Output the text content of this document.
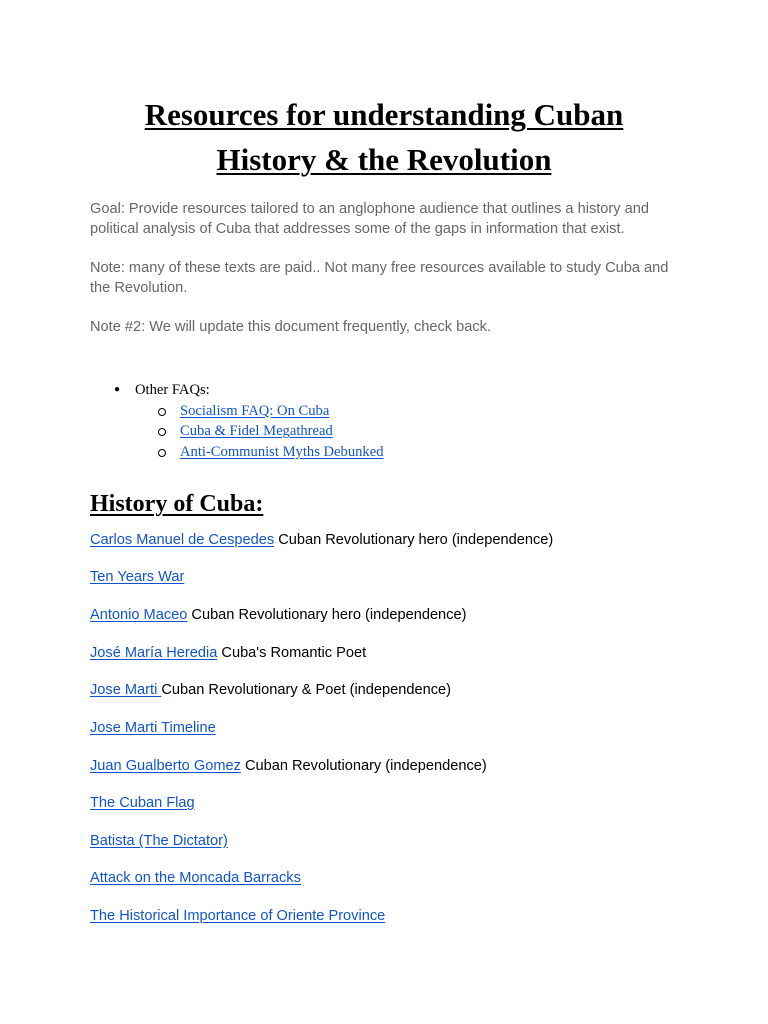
Resources for understanding Cuban
History & the Revolution

Goal: Provide resources tailored to an anglophone audience that outlines a history and political analysis of Cuba that addresses some of the gaps in information that exist.

Note: many of these texts are paid.. Not many free resources available to study Cuba and the Revolution.

Note #2: We will update this document frequently, check back.

● Other FAQs:
Socialism FAQ: On Cuba
Cuba & Fidel Megathread
Anti-Communist Myths Debunked
History of Cuba:

Carlos Manuel de Cespedes Cuban Revolutionary hero (independence)

Ten Years War

Antonio Maceo Cuban Revolutionary hero (independence)

José María Heredia Cuba's Romantic Poet

Jose Marti Cuban Revolutionary & Poet (independence)

Jose Marti Timeline

Juan Gualberto Gomez Cuban Revolutionary (independence)

The Cuban Flag

Batista (The Dictator)

Attack on the Moncada Barracks

The Historical Importance of Oriente Province
